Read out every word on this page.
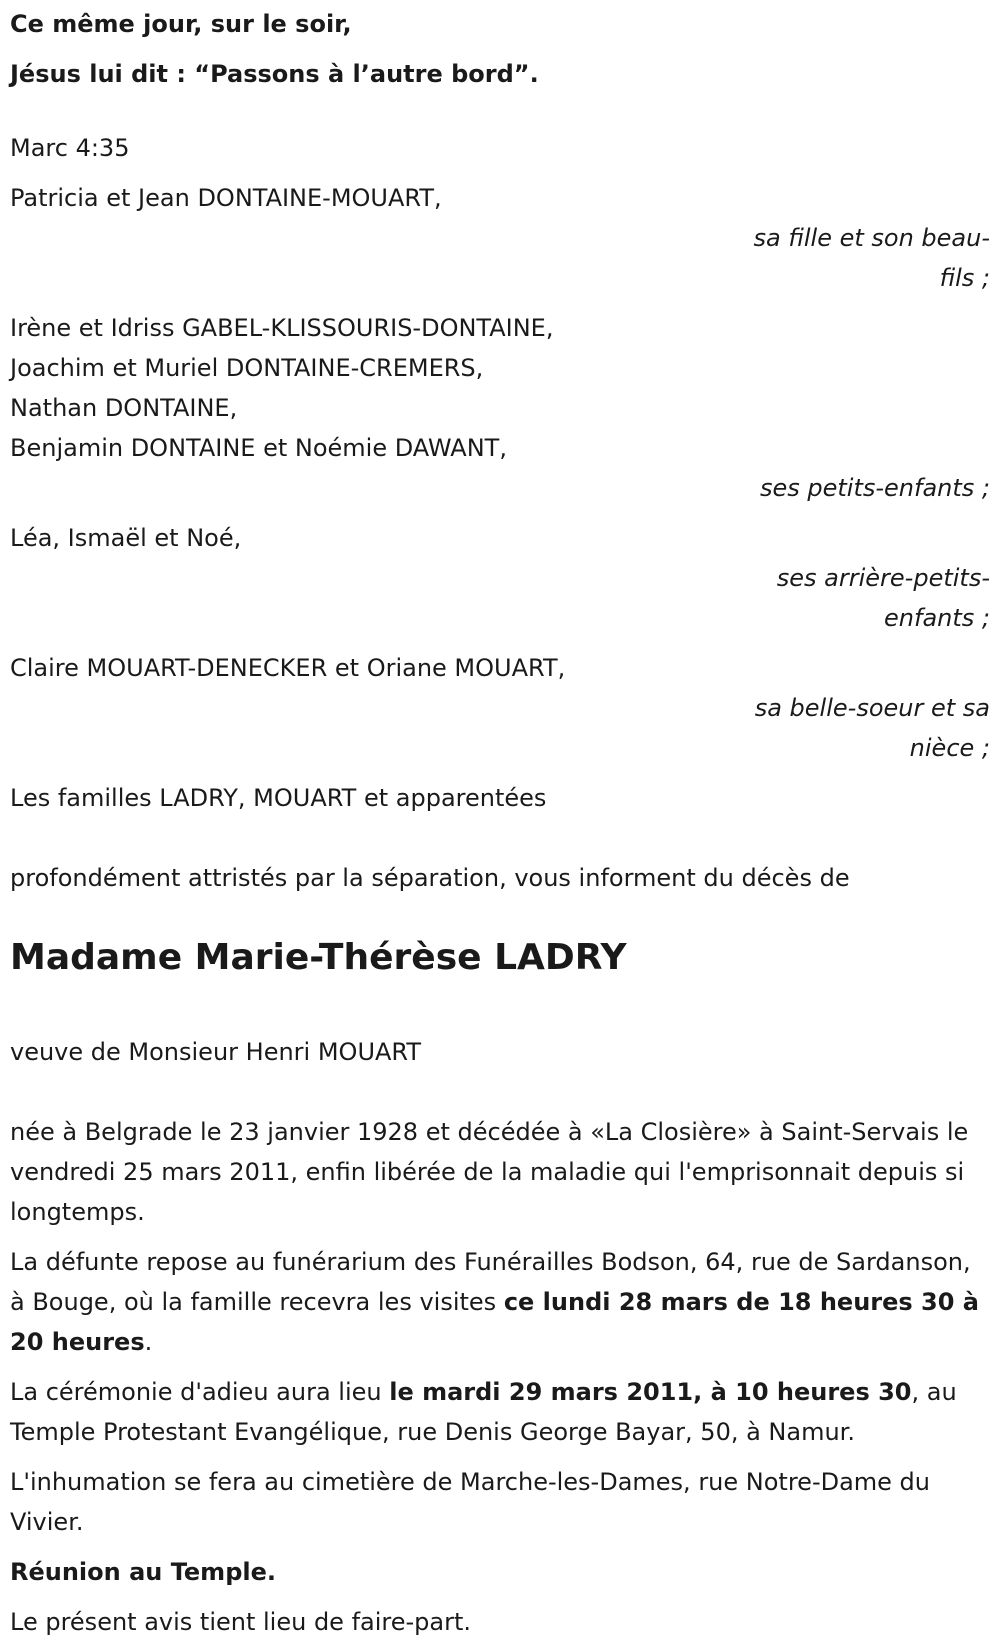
Ce même jour, sur le soir,

Jésus lui dit : “Passons à l’autre bord”.

Marc 4:35

Patricia et Jean DONTAINE-MOUART,

sa fille et son beau-fils ;

Irène et Idriss GABEL-KLISSOURIS-DONTAINE,

Joachim et Muriel DONTAINE-CREMERS,

Nathan DONTAINE,

Benjamin DONTAINE et Noémie DAWANT,

ses petits-enfants ;

Léa, Ismaël et Noé,

ses arrière-petits-enfants ;

Claire MOUART-DENECKER et Oriane MOUART,

sa belle-soeur et sa nièce ;

Les familles LADRY, MOUART et apparentées

profondément attristés par la séparation, vous informent du décès de

Madame Marie-Thérèse LADRY

veuve de Monsieur Henri MOUART

née à Belgrade le 23 janvier 1928 et décédée à «La Closière» à Saint-Servais le vendredi 25 mars 2011, enfin libérée de la maladie qui l'emprisonnait depuis si longtemps.

La défunte repose au funérarium des Funérailles Bodson, 64, rue de Sardanson, à Bouge, où la famille recevra les visites ce lundi 28 mars de 18 heures 30 à 20 heures.

La cérémonie d'adieu aura lieu le mardi 29 mars 2011, à 10 heures 30, au Temple Protestant Evangélique, rue Denis George Bayar, 50, à Namur.

L'inhumation se fera au cimetière de Marche-les-Dames, rue Notre-Dame du Vivier.

Réunion au Temple.

Le présent avis tient lieu de faire-part.
